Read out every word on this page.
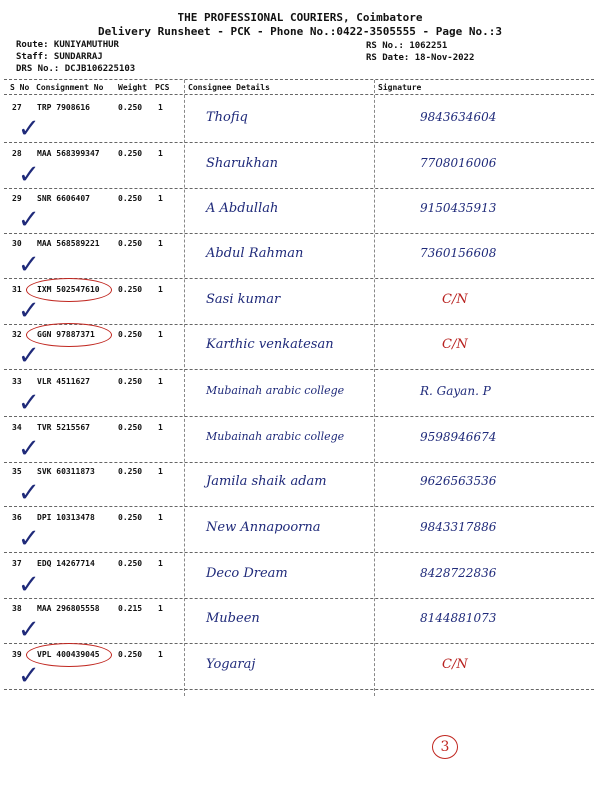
THE PROFESSIONAL COURIERS, Coimbatore
Delivery Runsheet - PCK - Phone No.:0422-3505555 - Page No.:3
Route: KUNIYAMUTHUR
Staff: SUNDARRAJ
DRS No.: DCJB106225103
RS No.: 1062251
RS Date: 18-Nov-2022
S No Consignment No Weight PCS Consignee Details	Signature
27 TRP 7908616	0.250 1
Thofiq	9843634604
✓
28 MAA 568399347 0.250 1
Sharukhan	7708016006
✓
29 SNR 6606407	0.250 1
A Abdullah	9150435913
✓
30 MAA 568589221 0.250 1
Abdul Rahman	7360156608
✓
31 IXM 502547610 0.250 1
Sasi kumar	C/N
✓
32 GGN 97887371	0.250 1
Karthic venkatesan	C/N
✓
33 VLR 4511627	0.250 1
Mubainah arabic college	R. Gayan. P
✓
34 TVR 5215567	0.250 1
Mubainah arabic college	9598946674
✓
35 SVK 60311873	0.250 1
Jamila shaik adam	9626563536
✓
36 DPI 10313478	0.250 1
New Annapoorna	9843317886
✓
37 EDQ 14267714	0.250 1
Deco Dream	8428722836
✓
38 MAA 296805558 0.215 1
Mubeen	8144881073
✓
39 VPL 400439045 0.250 1
Yogaraj	C/N
✓
3
